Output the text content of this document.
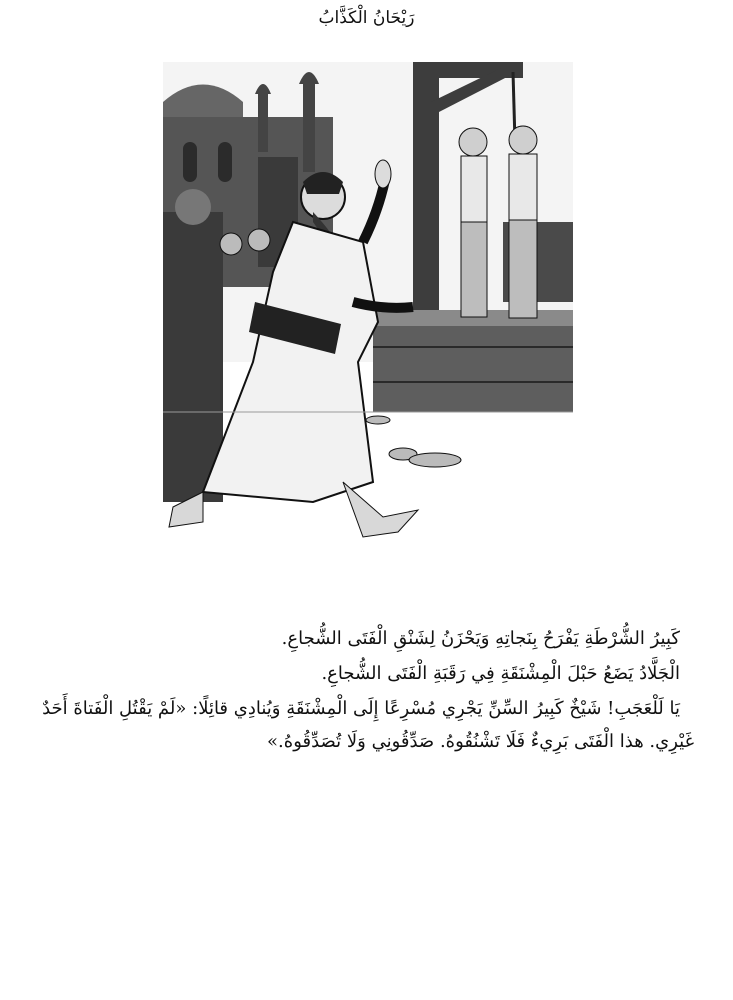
رَيْحَانُ الْكَذَّابُ

كَبِيرُ الشُّرْطَةِ يَفْرَحُ بِنَجاتِهِ وَيَحْزَنُ لِشَنْقِ الْفَتَى الشُّجاعِ.

الْجَلَّادُ يَضَعُ حَبْلَ الْمِشْنَقَةِ فِي رَقَبَةِ الْفَتَى الشُّجاعِ.

يَا لَلْعَجَبِ! شَيْخٌ كَبِيرُ السِّنِّ يَجْرِي مُسْرِعًا إِلَى الْمِشْنَقَةِ وَيُنادِي قائِلًا: «لَمْ يَقْتُلِ الْفَتاةَ أَحَدٌ غَيْرِي. هذا الْفَتَى بَرِيءٌ فَلَا تَشْنُقُوهُ. صَدِّقُونِي وَلَا تُصَدِّقُوهُ.»
